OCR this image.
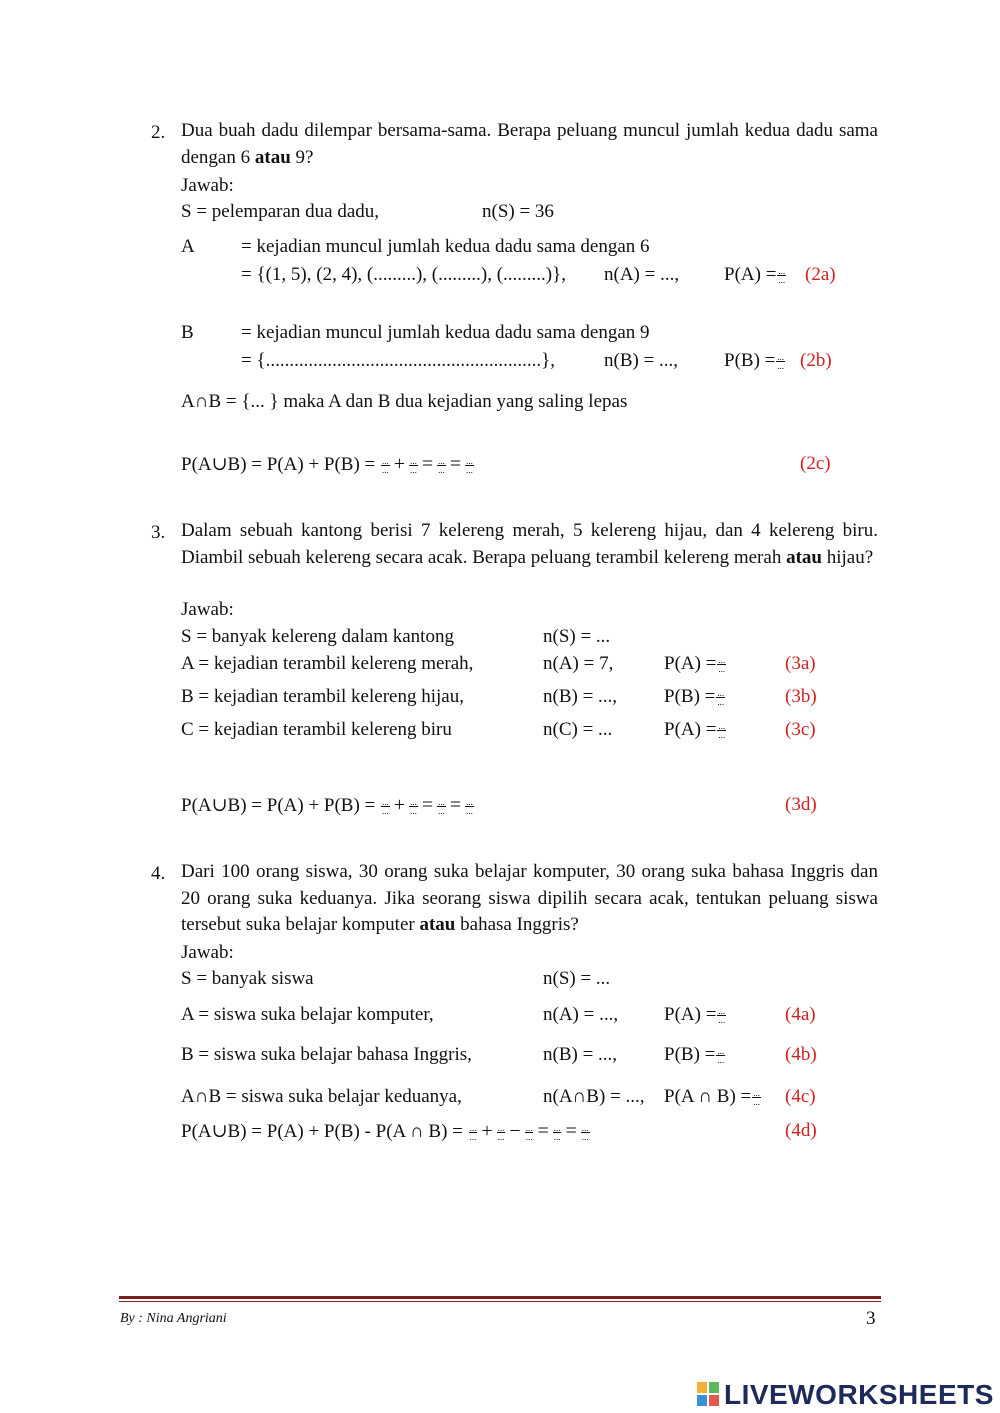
2. Dua buah dadu dilempar bersama-sama. Berapa peluang muncul jumlah kedua dadu sama dengan 6 atau 9?
Jawab:
S = pelemparan dua dadu,	n(S) = 36
A = kejadian muncul jumlah kedua dadu sama dengan 6
= {(1, 5), (2, 4), (.........), (.........), (.........)}, n(A) = ..., $P(A) = \frac{...}{...} (2a)$
B = kejadian muncul jumlah kedua dadu sama dengan 9
= {..........................................................},	n(B) = ..., $P(B) = \frac{...}{...} (2b)$
A∩B = {... } maka A dan B dua kejadian yang saling lepas
P(A∪B) = $P(A) + P(B) = \frac{...}{...} + \frac{...}{...} = \frac{...}{...} = \frac{...}{...}$	(2c)
3. Dalam sebuah kantong berisi 7 kelereng merah, 5 kelereng hijau, dan 4 kelereng biru. Diambil sebuah kelereng secara acak. Berapa peluang terambil kelereng merah atau hijau?
Jawab:
S = banyak kelereng dalam kantong	n(S) = ...
A = kejadian terambil kelereng merah,	n(A) = 7,	$P(A) = \frac{...}{...}$	(3a)
B = kejadian terambil kelereng hijau,	n(B) = ..., $P(B) = \frac{...}{...}$	(3b)
C = kejadian terambil kelereng biru	n(C) = ...	$P(A) = \frac{...}{...}$	(3c)
P(A∪B) = $P(A) + P(B) = \frac{...}{...} + \frac{...}{...} = \frac{...}{...} = \frac{...}{...}$	(3d)
4. Dari 100 orang siswa, 30 orang suka belajar komputer, 30 orang suka bahasa Inggris dan 20 orang suka keduanya. Jika seorang siswa dipilih secara acak, tentukan peluang siswa tersebut suka belajar komputer atau bahasa Inggris?
Jawab:
S = banyak siswa	n(S) = ...
A = siswa suka belajar komputer,	n(A) = ..., $P(A) = \frac{...}{...}$	(4a)
B = siswa suka belajar bahasa Inggris,	n(B) = ..., $P(B) = \frac{...}{...}$	(4b)
A∩B = siswa suka belajar keduanya,	n(A∩B) = ..., P(A ∩ $B) = \frac{...}{...} (4c)$
P(A∪B) = P(A) + P(B) - P(A ∩ $B) = \frac{...}{...} + \frac{...}{...} - \frac{...}{...} = \frac{...}{...} = \frac{...}{...}$	(4d)
By : Nina Angriani	3
LIVEWORKSHEETS
